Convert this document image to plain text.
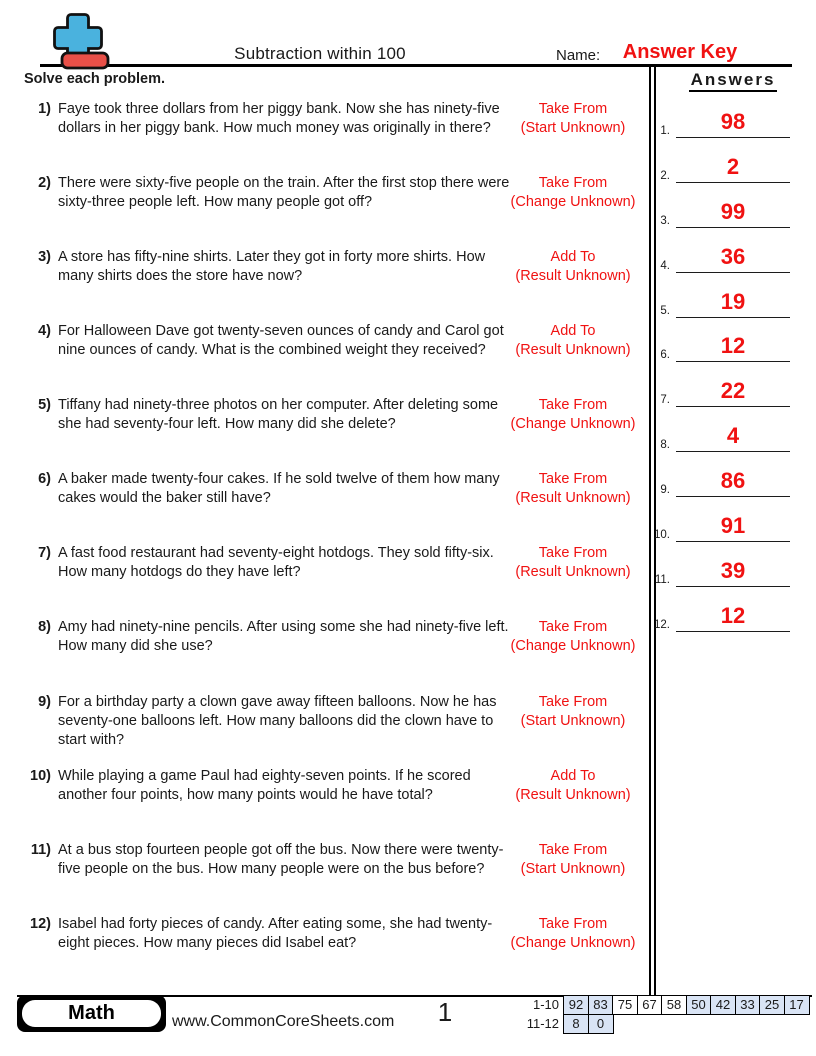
Subtraction within 100	Name:	Answer Key
Solve each problem.	Answers
1.	98
2.	2
3.	99
4.	36
5.	19
6.	12
7.	22
8.	4
9.	86
10.	91
11.	39
12.	12
1) Faye took three dollars from her piggy bank. Now she has ninety-five dollars in her piggy bank. How much money was originally in there?
Take From
(Start Unknown)
2) There were sixty-five people on the train. After the first stop there were sixty-three people left. How many people got off?
Take From
(Change Unknown)
3) A store has fifty-nine shirts. Later they got in forty more shirts. How many shirts does the store have now?
Add To
(Result Unknown)
4) For Halloween Dave got twenty-seven ounces of candy and Carol got nine ounces of candy. What is the combined weight they received?
Add To
(Result Unknown)
5) Tiffany had ninety-three photos on her computer. After deleting some she had seventy-four left. How many did she delete?
Take From
(Change Unknown)
6) A baker made twenty-four cakes. If he sold twelve of them how many cakes would the baker still have?
Take From
(Result Unknown)
7) A fast food restaurant had seventy-eight hotdogs. They sold fifty-six. How many hotdogs do they have left?
Take From
(Result Unknown)
8) Amy had ninety-nine pencils. After using some she had ninety-five left. How many did she use?
Take From
(Change Unknown)
9) For a birthday party a clown gave away fifteen balloons. Now he has seventy-one balloons left. How many balloons did the clown have to start with?
Take From
(Start Unknown)
10) While playing a game Paul had eighty-seven points. If he scored another four points, how many points would he have total?
Add To
(Result Unknown)
11) At a bus stop fourteen people got off the bus. Now there were twenty-five people on the bus. How many people were on the bus before?
Take From
(Start Unknown)
12) Isabel had forty pieces of candy. After eating some, she had twenty-eight pieces. How many pieces did Isabel eat?
Take From
(Change Unknown)
Math	www.CommonCoreSheets.com	1	1-10 92 83 75 67 58 50 42 33 25 17
11-12	8	0
